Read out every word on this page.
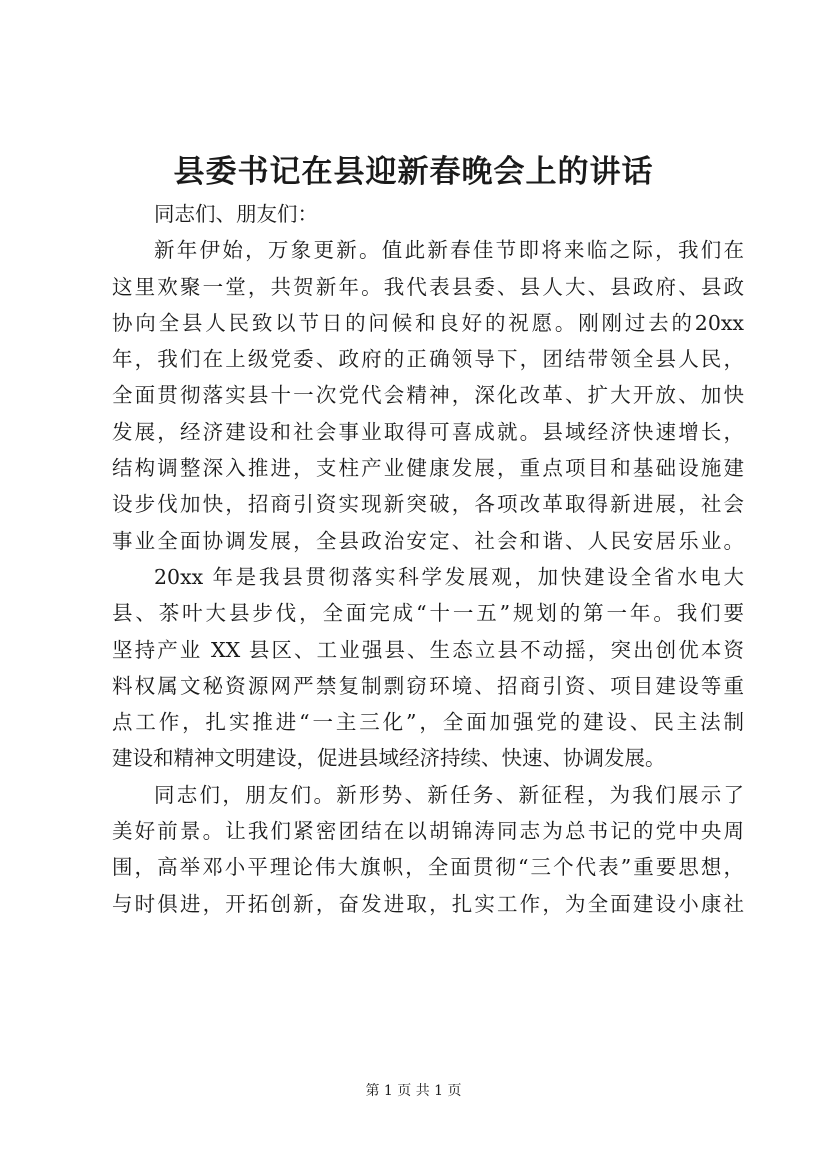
县委书记在县迎新春晚会上的讲话
同志们、朋友们：
新年伊始，万象更新。值此新春佳节即将来临之际，我们在
这里欢聚一堂，共贺新年。我代表县委、县人大、县政府、县政
协向全县人民致以节日的问候和良好的祝愿。刚刚过去的20xx
年，我们在上级党委、政府的正确领导下，团结带领全县人民，
全面贯彻落实县十一次党代会精神，深化改革、扩大开放、加快
发展，经济建设和社会事业取得可喜成就。县域经济快速增长，
结构调整深入推进，支柱产业健康发展，重点项目和基础设施建
设步伐加快，招商引资实现新突破，各项改革取得新进展，社会
事业全面协调发展，全县政治安定、社会和谐、人民安居乐业。
20xx 年是我县贯彻落实科学发展观，加快建设全省水电大
县、茶叶大县步伐，全面完成“十一五”规划的第一年。我们要
坚持产业 XX 县区、工业强县、生态立县不动摇，突出创优本资
料权属文秘资源网严禁复制剽窃环境、招商引资、项目建设等重
点工作，扎实推进“一主三化”，全面加强党的建设、民主法制
建设和精神文明建设，促进县域经济持续、快速、协调发展。
同志们，朋友们。新形势、新任务、新征程，为我们展示了
美好前景。让我们紧密团结在以胡锦涛同志为总书记的党中央周
围，高举邓小平理论伟大旗帜，全面贯彻“三个代表”重要思想，
与时俱进，开拓创新，奋发进取，扎实工作，为全面建设小康社
第 1 页 共 1 页
